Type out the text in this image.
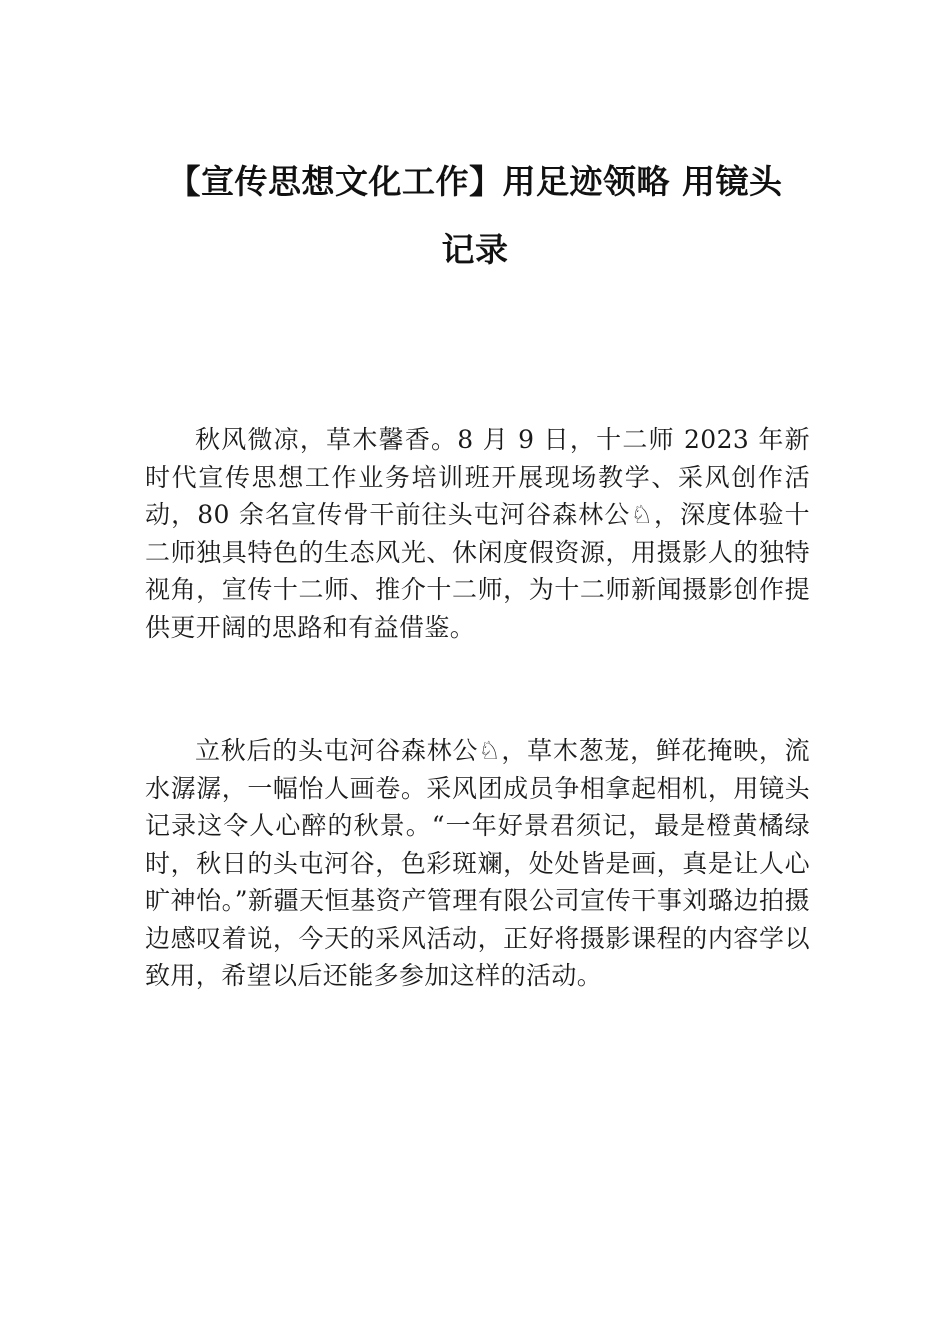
【宣传思想文化工作】用足迹领略 用镜头
记录

秋风微凉，草木馨香。8 月 9 日，十二师 2023 年新时代宣传思想工作业务培训班开展现场教学、采风创作活动，80 余名宣传骨干前往头屯河谷森林公♘，深度体验十二师独具特色的生态风光、休闲度假资源，用摄影人的独特视角，宣传十二师、推介十二师，为十二师新闻摄影创作提供更开阔的思路和有益借鉴。

立秋后的头屯河谷森林公♘，草木葱茏，鲜花掩映，流水潺潺，一幅怡人画卷。采风团成员争相拿起相机，用镜头记录这令人心醉的秋景。“一年好景君须记，最是橙黄橘绿时，秋日的头屯河谷，色彩斑斓，处处皆是画，真是让人心旷神怡。”新疆天恒基资产管理有限公司宣传干事刘璐边拍摄边感叹着说，今天的采风活动，正好将摄影课程的内容学以致用，希望以后还能多参加这样的活动。
